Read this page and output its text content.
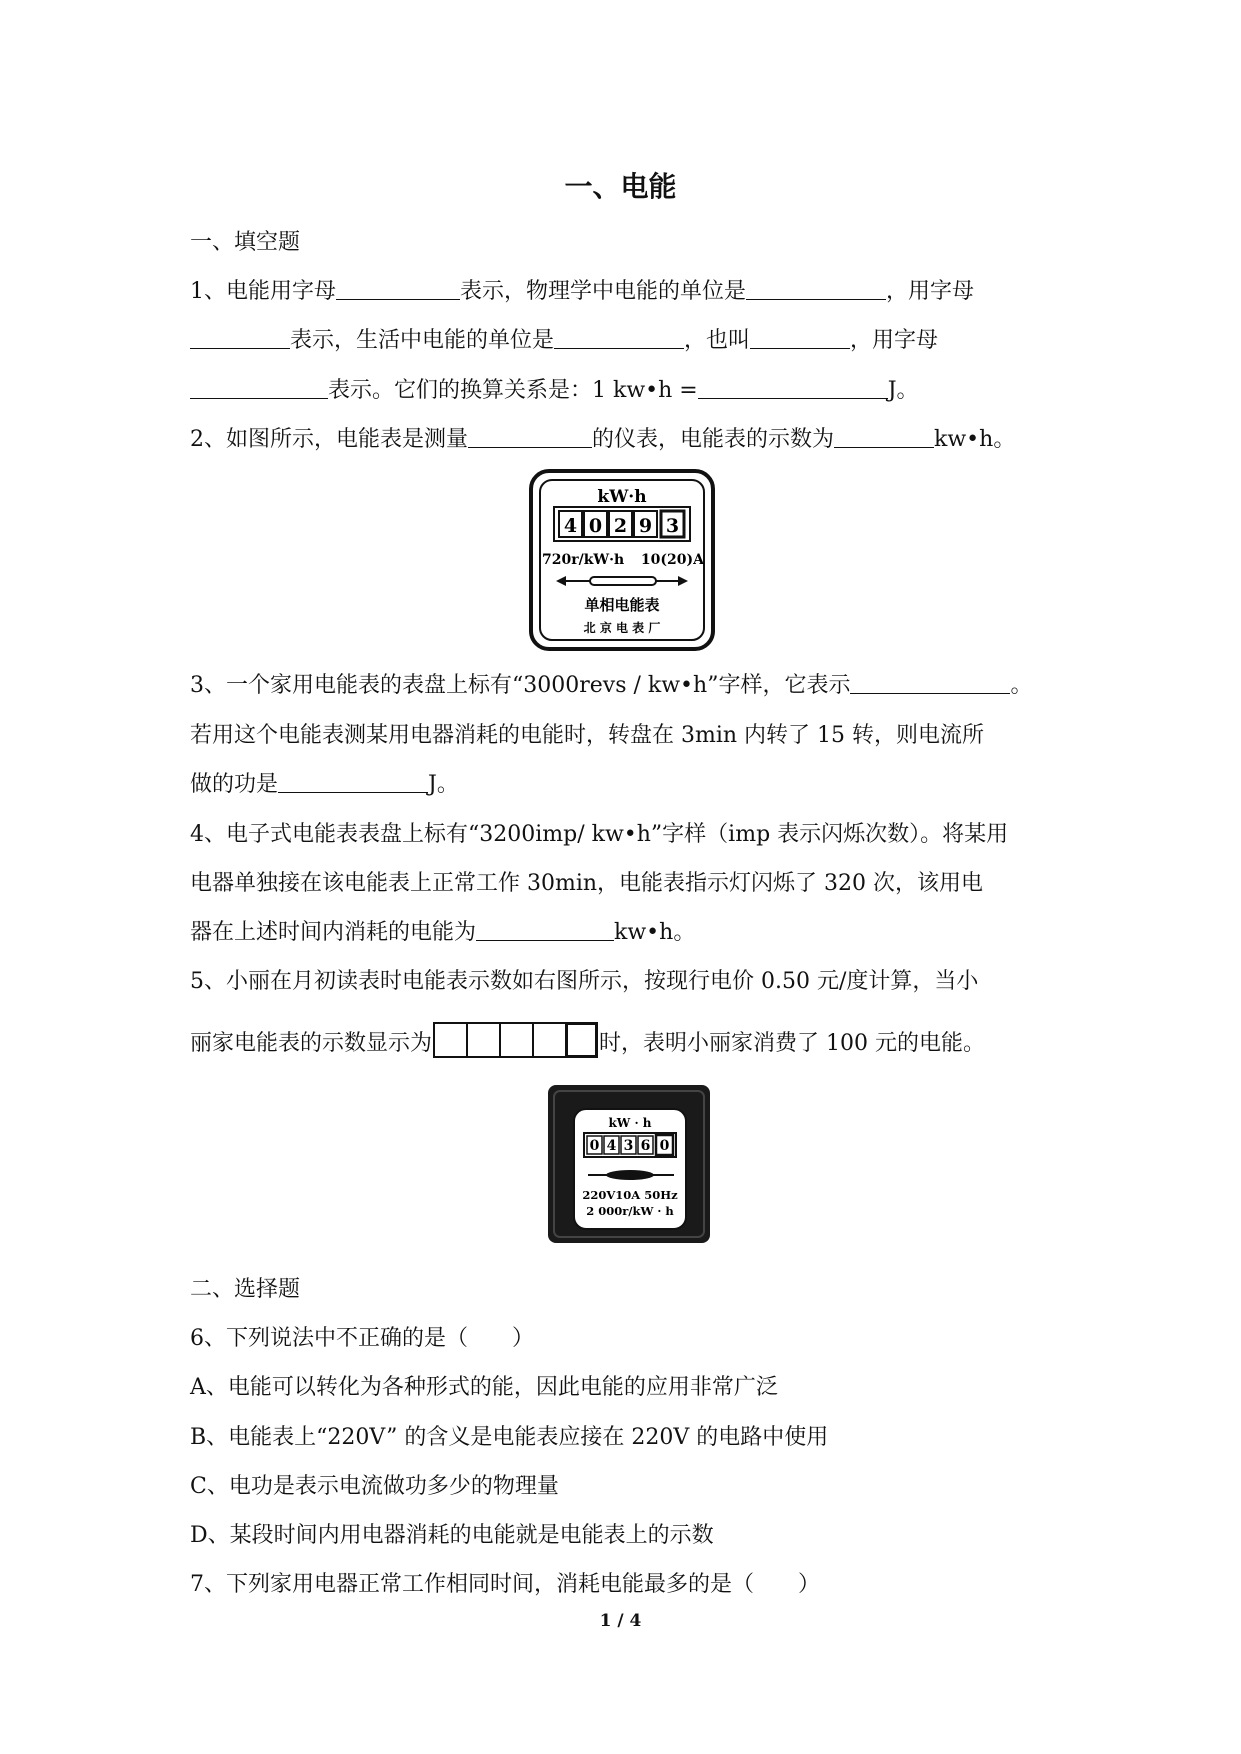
一、电能
一、填空题
1、电能用字母	表示，物理学中电能的单位是	，用字母
表示，生活中电能的单位是	，也叫	，用字母
表示。它们的换算关系是：1 kw•h =	J。
2、如图所示，电能表是测量	的仪表，电能表的示数为	kw•h。
kW·h
4 0 2 9 3
720r/kW·h 10(20)A
单相电能表
北 京 电 表 厂
3、一个家用电能表的表盘上标有“3000revs / kw•h”字样，它表示	。
若用这个电能表测某用电器消耗的电能时，转盘在 3min 内转了 15 转，则电流所
做的功是	J。
4、电子式电能表表盘上标有“3200imp/ kw•h”字样（imp 表示闪烁次数）。将某用
电器单独接在该电能表上正常工作 30min，电能表指示灯闪烁了 320 次，该用电
器在上述时间内消耗的电能为	kw•h。
5、小丽在月初读表时电能表示数如右图所示，按现行电价 0.50 元/度计算，当小
丽家电能表的示数显示为	时，表明小丽家消费了 100 元的电能。
kW · h
0 4 3 6 0
220V10A 50Hz
2 000r/kW · h
二、选择题
6、下列说法中不正确的是（　　）
A、电能可以转化为各种形式的能，因此电能的应用非常广泛
B、电能表上“220V” 的含义是电能表应接在 220V 的电路中使用
C、电功是表示电流做功多少的物理量
D、某段时间内用电器消耗的电能就是电能表上的示数
7、下列家用电器正常工作相同时间，消耗电能最多的是（　　）
1 / 4
